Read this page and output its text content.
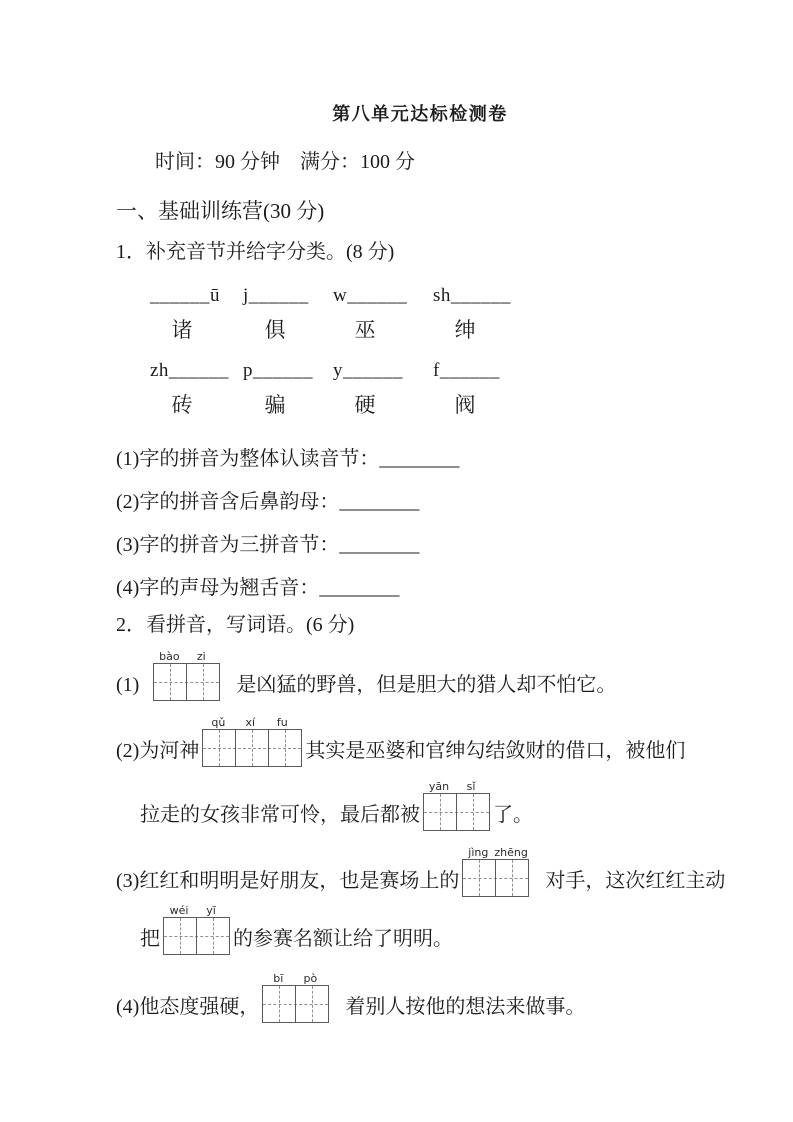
第八单元达标检测卷

时间：90 分钟　满分：100 分

一、基础训练营(30 分)

1．补充音节并给字分类。(8 分)

______ū
诸
j______
俱
w______
巫
sh______
绅
zh______
砖
p______
骗
y______
硬
f______
阀

(1)字的拼音为整体认读音节：________

(2)字的拼音含后鼻韵母：________

(3)字的拼音为三拼音节：________

(4)字的声母为翘舌音：________

2．看拼音，写词语。(6 分)

(1)
bào	zi
是凶猛的野兽，但是胆大的猎人却不怕它。
(2)为河神
qǔ	xí	fu
其实是巫婆和官绅勾结敛财的借口，被他们
拉走的女孩非常可怜，最后都被
yān	sǐ
了。
(3)红红和明明是好朋友，也是赛场上的
jìng zhēng
对手，这次红红主动
把
wéi	yī
的参赛名额让给了明明。
(4)他态度强硬，
bī	pò
着别人按他的想法来做事。
